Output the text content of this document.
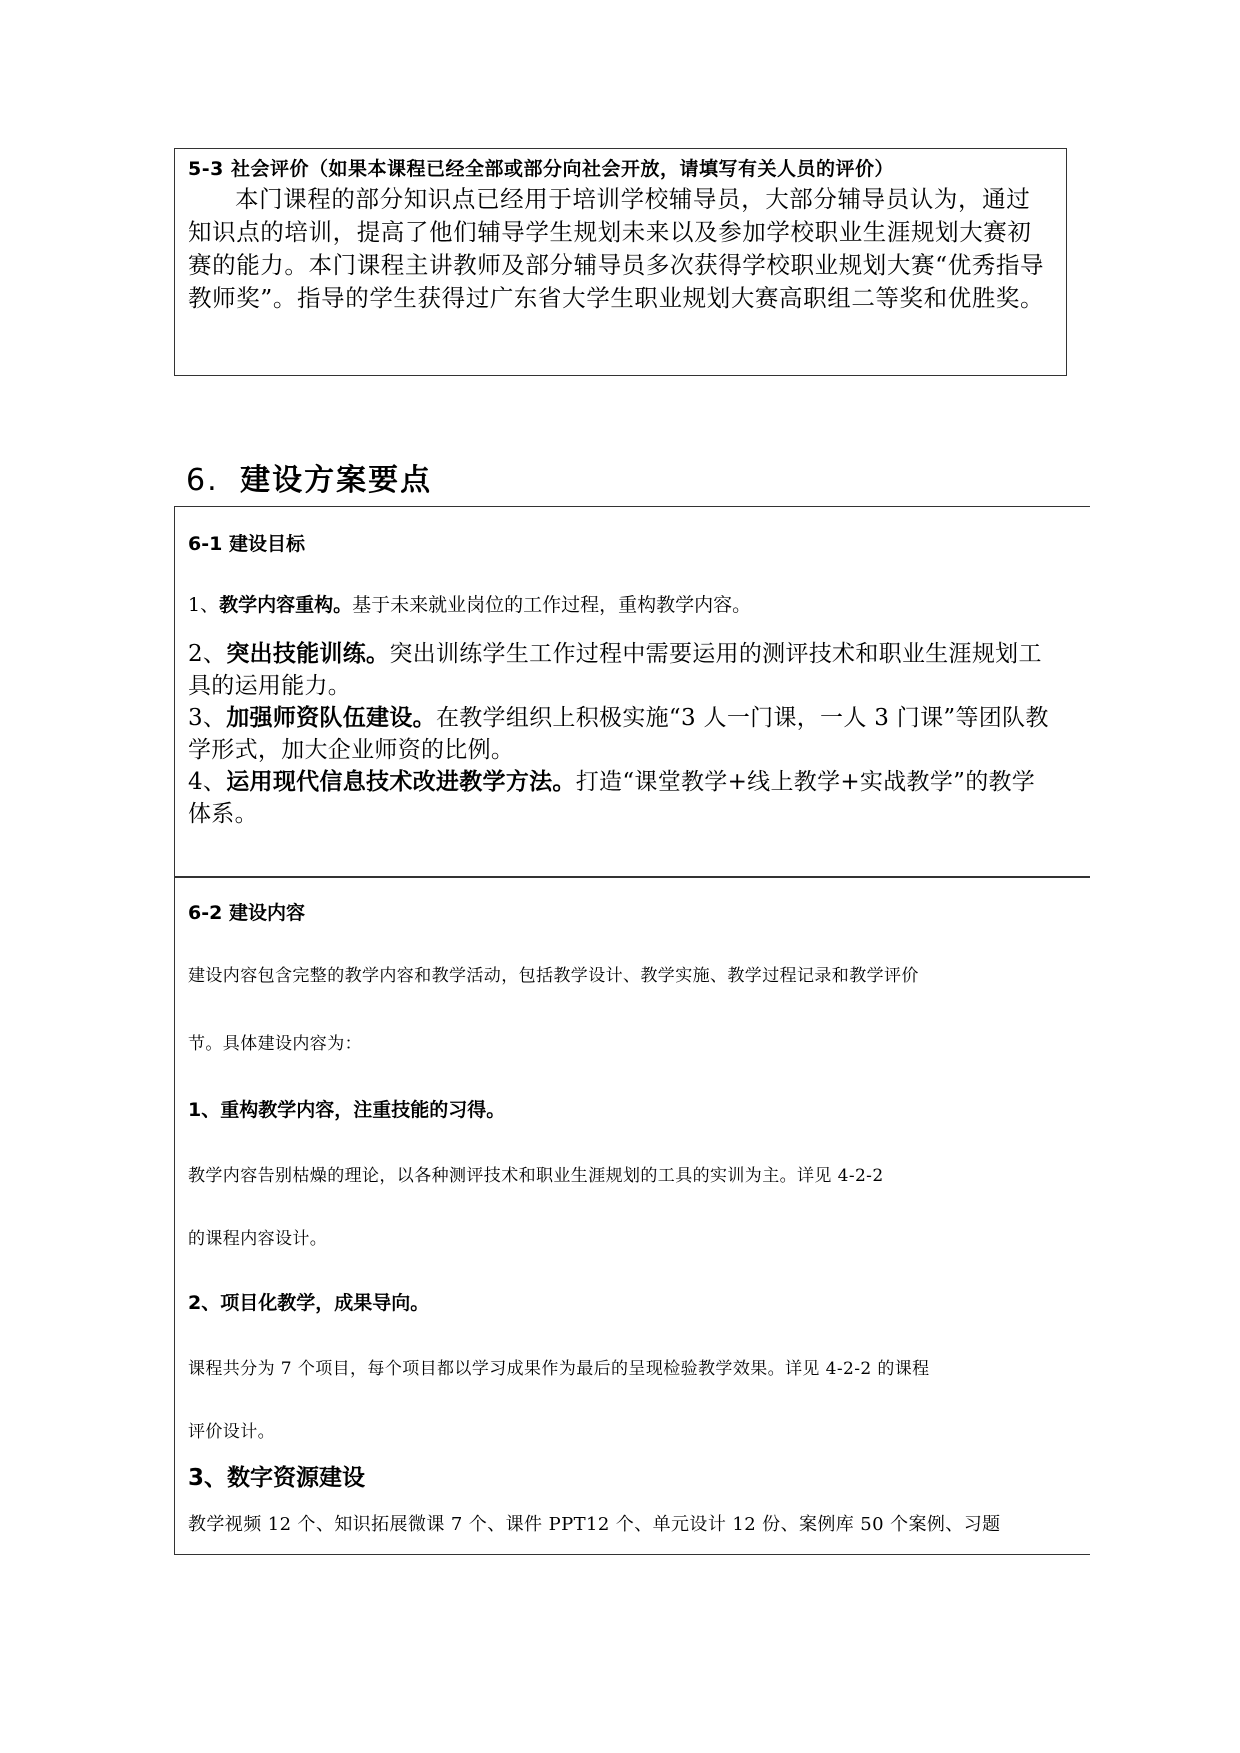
5-3 社会评价（如果本课程已经全部或部分向社会开放，请填写有关人员的评价）
本门课程的部分知识点已经用于培训学校辅导员，大部分辅导员认为，通过
知识点的培训，提高了他们辅导学生规划未来以及参加学校职业生涯规划大赛初
赛的能力。本门课程主讲教师及部分辅导员多次获得学校职业规划大赛“优秀指导
教师奖”。指导的学生获得过广东省大学生职业规划大赛高职组二等奖和优胜奖。
6. 建设方案要点
6-1 建设目标
1、教学内容重构。基于未来就业岗位的工作过程，重构教学内容。
2、突出技能训练。突出训练学生工作过程中需要运用的测评技术和职业生涯规划工
具的运用能力。
3、加强师资队伍建设。在教学组织上积极实施“3 人一门课，一人 3 门课”等团队教
学形式，加大企业师资的比例。
4、运用现代信息技术改进教学方法。打造“课堂教学+线上教学+实战教学”的教学
体系。
6-2 建设内容
建设内容包含完整的教学内容和教学活动，包括教学设计、教学实施、教学过程记录和教学评价
节。具体建设内容为：
1、重构教学内容，注重技能的习得。
教学内容告别枯燥的理论，以各种测评技术和职业生涯规划的工具的实训为主。详见 4-2-2
的课程内容设计。
2、项目化教学，成果导向。
课程共分为 7 个项目，每个项目都以学习成果作为最后的呈现检验教学效果。详见 4-2-2 的课程
评价设计。
3、数字资源建设
教学视频 12 个、知识拓展微课 7 个、课件 PPT12 个、单元设计 12 份、案例库 50 个案例、习题
